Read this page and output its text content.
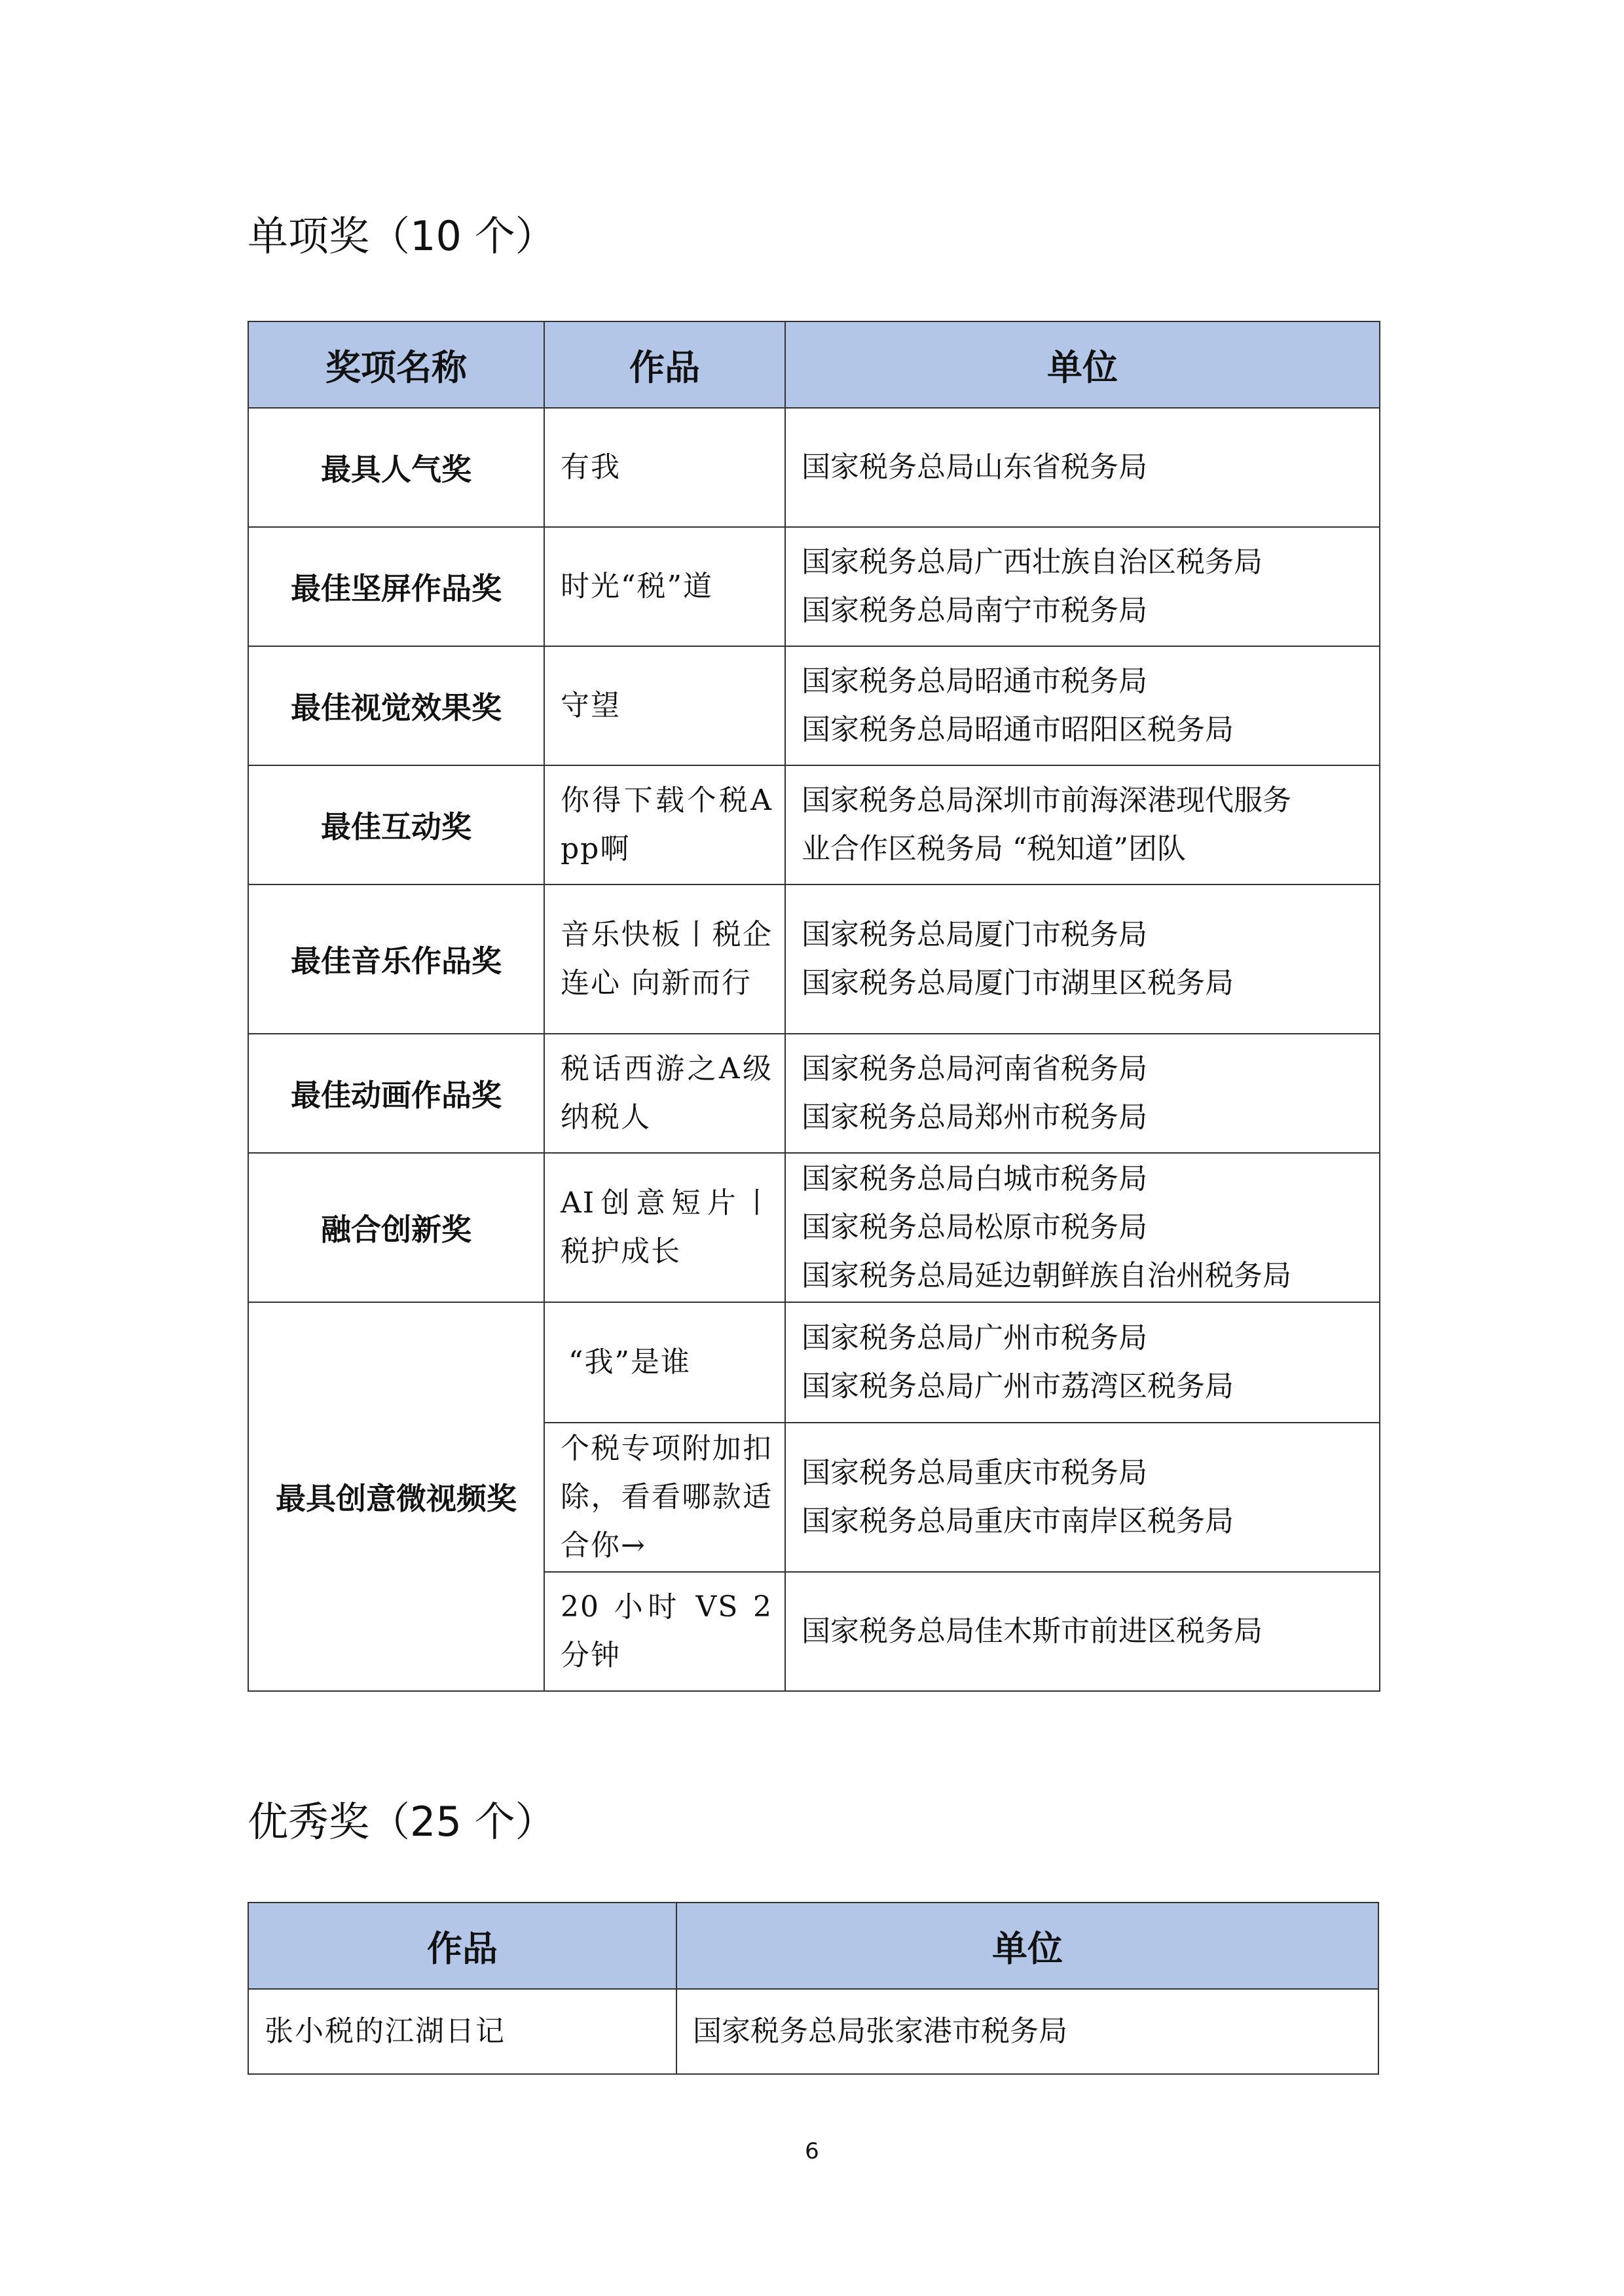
单项奖（10 个）
奖项名称	作品	单位
最具人气奖	有我	国家税务总局山东省税务局

最佳坚屏作品奖	时光“税”道	国家税务总局广西壮族自治区税务局
国家税务总局南宁市税务局

最佳视觉效果奖	守望	国家税务总局昭通市税务局
国家税务总局昭通市昭阳区税务局

最佳互动奖	你得下载个税App啊	国家税务总局深圳市前海深港现代服务
业合作区税务局 “税知道”团队

最佳音乐作品奖	音乐快板丨税企连心 向新而行	国家税务总局厦门市税务局
国家税务总局厦门市湖里区税务局

最佳动画作品奖	税话西游之A级纳税人	国家税务总局河南省税务局
国家税务总局郑州市税务局

融合创新奖	AI创意短片丨税护成长	国家税务总局白城市税务局
国家税务总局松原市税务局
国家税务总局延边朝鲜族自治州税务局

最具创意微视频奖	“我”是谁	国家税务总局广州市税务局
国家税务总局广州市荔湾区税务局

	个税专项附加扣除，看看哪款适合你→	国家税务总局重庆市税务局
国家税务总局重庆市南岸区税务局

	20 小时 VS 2 分钟	国家税务总局佳木斯市前进区税务局
优秀奖（25 个）
作品	单位
张小税的江湖日记	国家税务总局张家港市税务局
6
